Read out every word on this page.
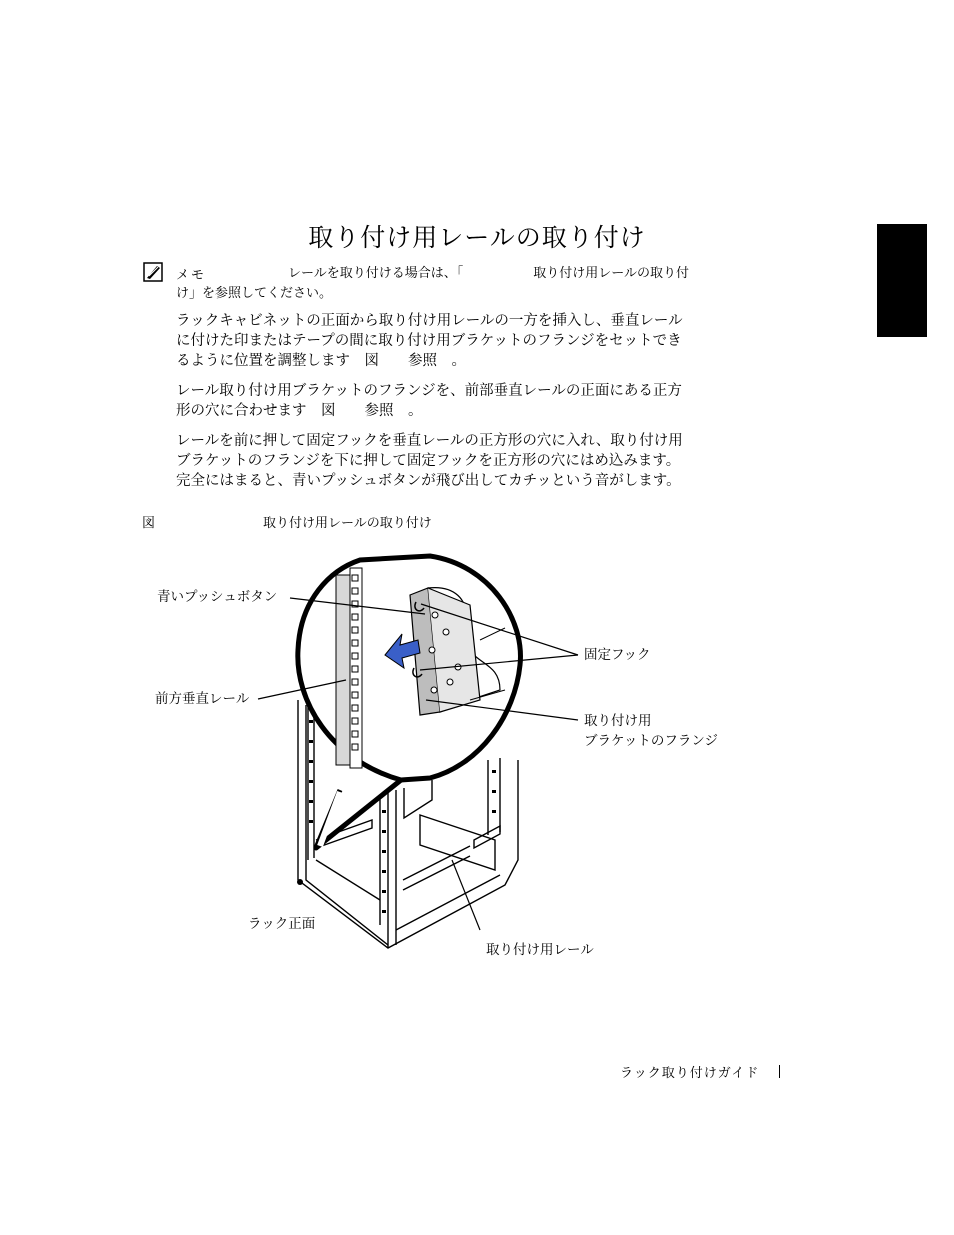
取り付け用レールの取り付け
メモ	レールを取り付ける場合は、「	取り付け用レールの取り付
け」を参照してください。

ラックキャビネットの正面から取り付け用レールの一方を挿入し、垂直レール
に付けた印またはテープの間に取り付け用ブラケットのフランジをセットでき
るように位置を調整します　図　　参照　。

レール取り付け用ブラケットのフランジを、前部垂直レールの正面にある正方
形の穴に合わせます　図　　参照　。

レールを前に押して固定フックを垂直レールの正方形の穴に入れ、取り付け用
ブラケットのフランジを下に押して固定フックを正方形の穴にはめ込みます。
完全にはまると、青いプッシュボタンが飛び出してカチッという音がします。

図	取り付け用レールの取り付け
青いプッシュボタン
前方垂直レール
固定フック
取り付け用
ブラケットのフランジ
ラック正面
取り付け用レール
ラック取り付けガイド
